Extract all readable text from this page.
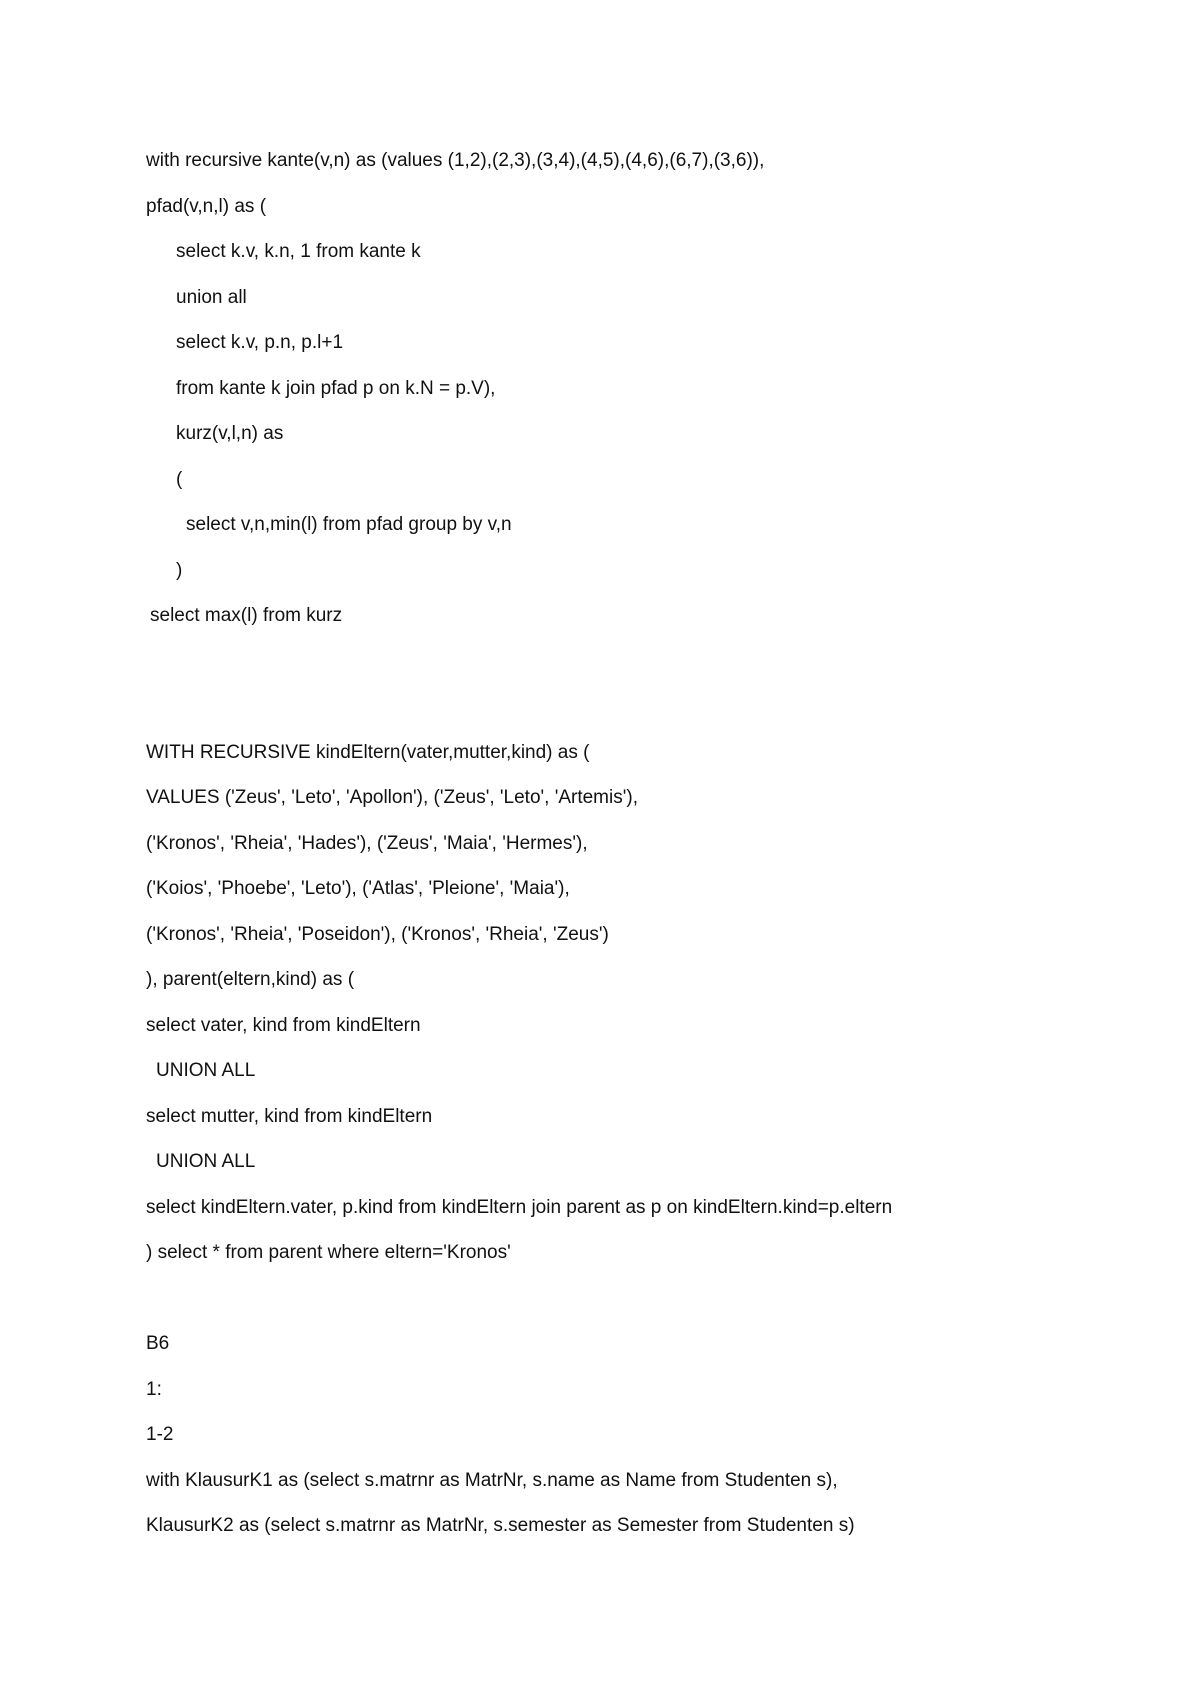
with recursive kante(v,n) as (values (1,2),(2,3),(3,4),(4,5),(4,6),(6,7),(3,6)),

pfad(v,n,l) as (

select k.v, k.n, 1 from kante k

union all

select k.v, p.n, p.l+1

from kante k join pfad p on k.N = p.V),

kurz(v,l,n) as

(

select v,n,min(l) from pfad group by v,n

)

select max(l) from kurz

WITH RECURSIVE kindEltern(vater,mutter,kind) as (

VALUES ('Zeus', 'Leto', 'Apollon'), ('Zeus', 'Leto', 'Artemis'),

('Kronos', 'Rheia', 'Hades'), ('Zeus', 'Maia', 'Hermes'),

('Koios', 'Phoebe', 'Leto'), ('Atlas', 'Pleione', 'Maia'),

('Kronos', 'Rheia', 'Poseidon'), ('Kronos', 'Rheia', 'Zeus')

), parent(eltern,kind) as (

select vater, kind from kindEltern

UNION ALL

select mutter, kind from kindEltern

UNION ALL

select kindEltern.vater, p.kind from kindEltern join parent as p on kindEltern.kind=p.eltern

) select * from parent where eltern='Kronos'

B6

1:

1-2

with KlausurK1 as (select s.matrnr as MatrNr, s.name as Name from Studenten s),

KlausurK2 as (select s.matrnr as MatrNr, s.semester as Semester from Studenten s)
